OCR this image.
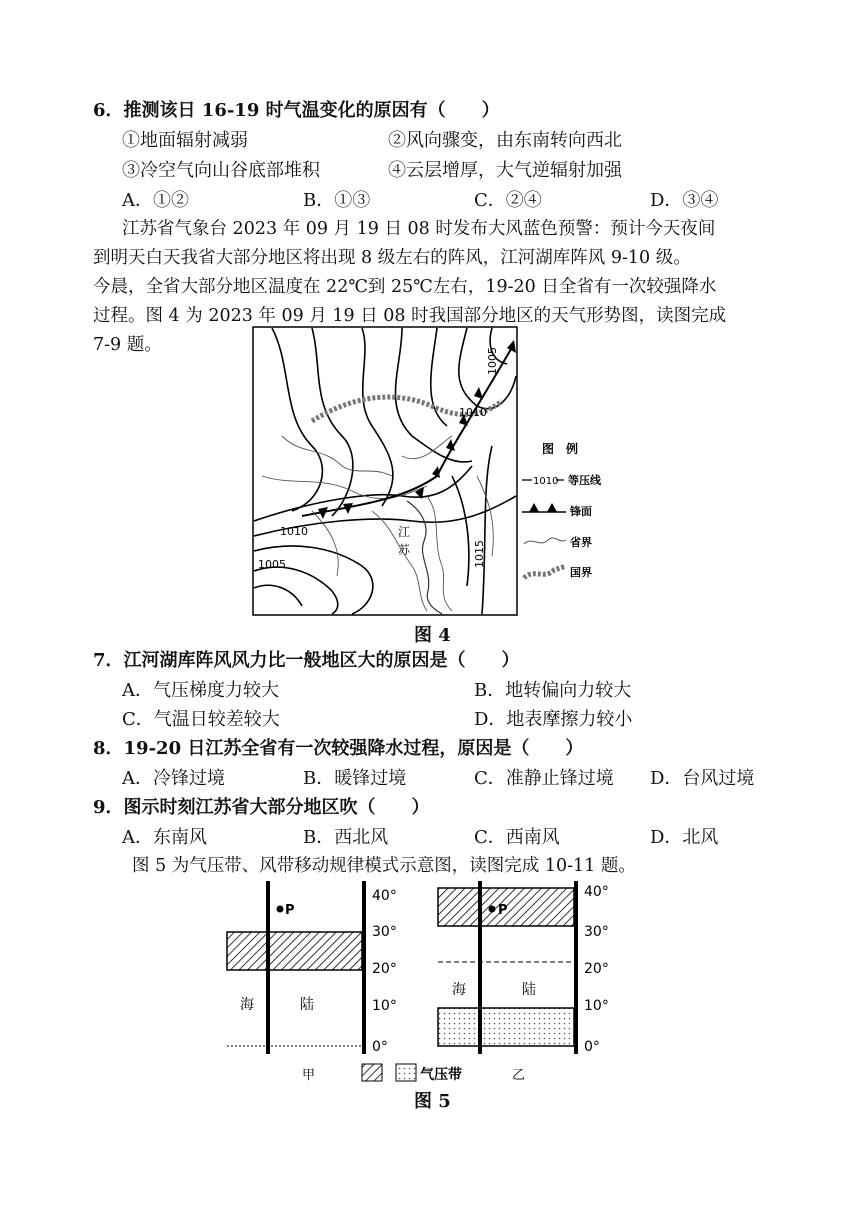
6．推测该日 16-19 时气温变化的原因有（　　）
①地面辐射减弱	②风向骤变，由东南转向西北
③冷空气向山谷底部堆积	④云层增厚，大气逆辐射加强
A．①②	B．①③	C．②④	D．③④
江苏省气象台 2023 年 09 月 19 日 08 时发布大风蓝色预警：预计今天夜间
到明天白天我省大部分地区将出现 8 级左右的阵风，江河湖库阵风 9-10 级。
今晨，全省大部分地区温度在 22℃到 25℃左右，19-20 日全省有一次较强降水
过程。图 4 为 2023 年 09 月 19 日 08 时我国部分地区的天气形势图，读图完成
7-9 题。
1005
1010
1010
1005	1015
江
苏
图　例
1010 等压线
锋面
省界
国界
图 4
7．江河湖库阵风风力比一般地区大的原因是（　　）
A．气压梯度力较大	B．地转偏向力较大
C．气温日较差较大	D．地表摩擦力较小
8．19-20 日江苏全省有一次较强降水过程，原因是（　　）
A．冷锋过境	B．暖锋过境	C．准静止锋过境 D．台风过境
9．图示时刻江苏省大部分地区吹（　　）
A．东南风	B．西北风	C．西南风	D．北风
图 5 为气压带、风带移动规律模式示意图，读图完成 10-11 题。
P
海	陆
40°
30°
20°
10°
0°
P
海	陆
40°
30°
20°
10°
0°
甲	气压带	乙
图 5
